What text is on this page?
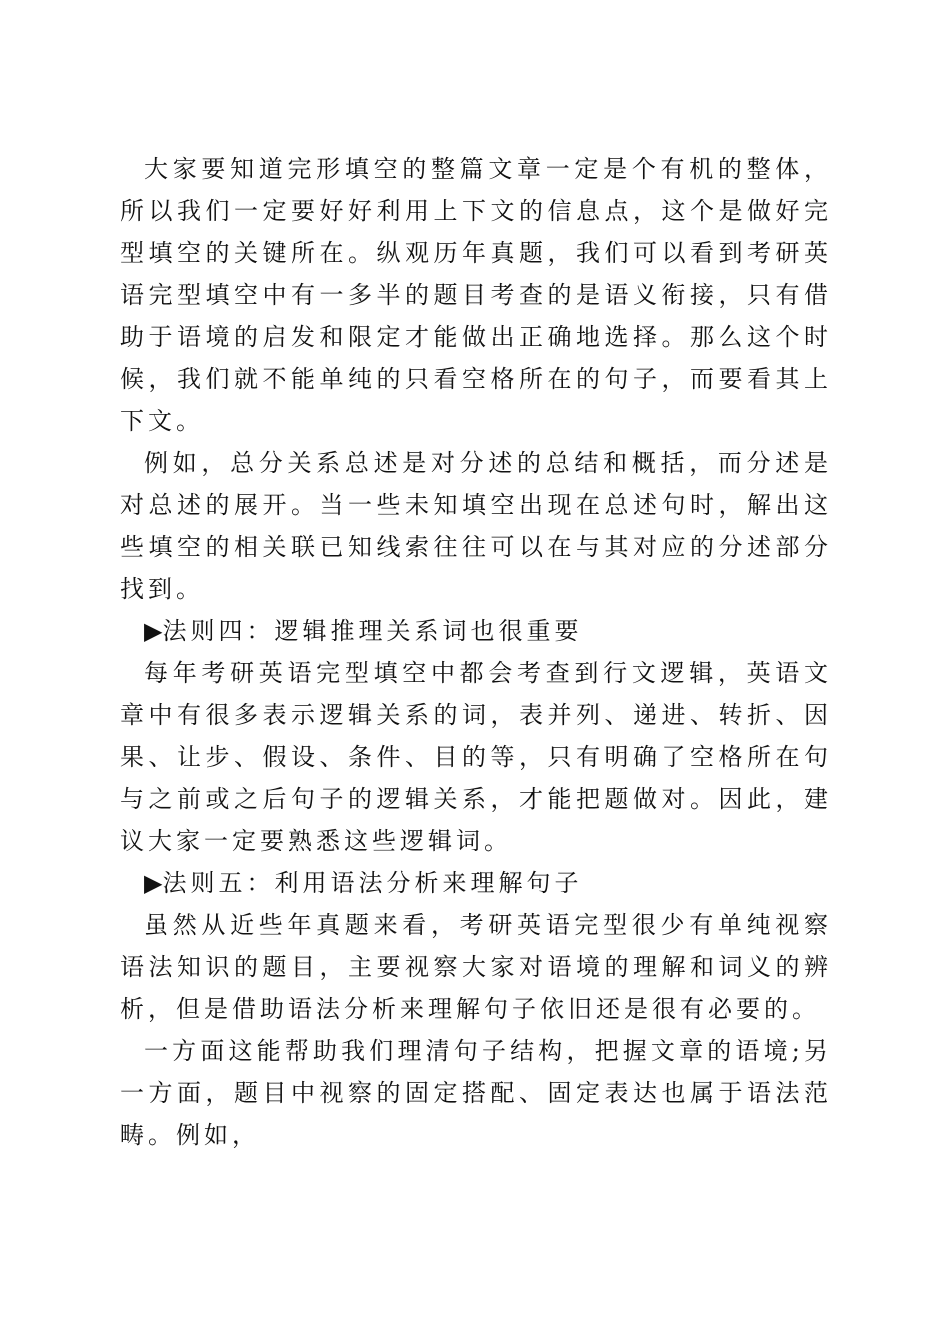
大家要知道完形填空的整篇文章一定是个有机的整体，所以我们一定要好好利用上下文的信息点，这个是做好完型填空的关键所在。纵观历年真题，我们可以看到考研英语完型填空中有一多半的题目考查的是语义衔接，只有借助于语境的启发和限定才能做出正确地选择。那么这个时候，我们就不能单纯的只看空格所在的句子，而要看其上下文。

例如，总分关系总述是对分述的总结和概括，而分述是对总述的展开。当一些未知填空出现在总述句时，解出这些填空的相关联已知线索往往可以在与其对应的分述部分找到。

▶法则四：逻辑推理关系词也很重要

每年考研英语完型填空中都会考查到行文逻辑，英语文章中有很多表示逻辑关系的词，表并列、递进、转折、因果、让步、假设、条件、目的等，只有明确了空格所在句与之前或之后句子的逻辑关系，才能把题做对。因此，建议大家一定要熟悉这些逻辑词。

▶法则五：利用语法分析来理解句子

虽然从近些年真题来看，考研英语完型很少有单纯视察语法知识的题目，主要视察大家对语境的理解和词义的辨析，但是借助语法分析来理解句子依旧还是很有必要的。

一方面这能帮助我们理清句子结构，把握文章的语境;另一方面，题目中视察的固定搭配、固定表达也属于语法范畴。例如，
